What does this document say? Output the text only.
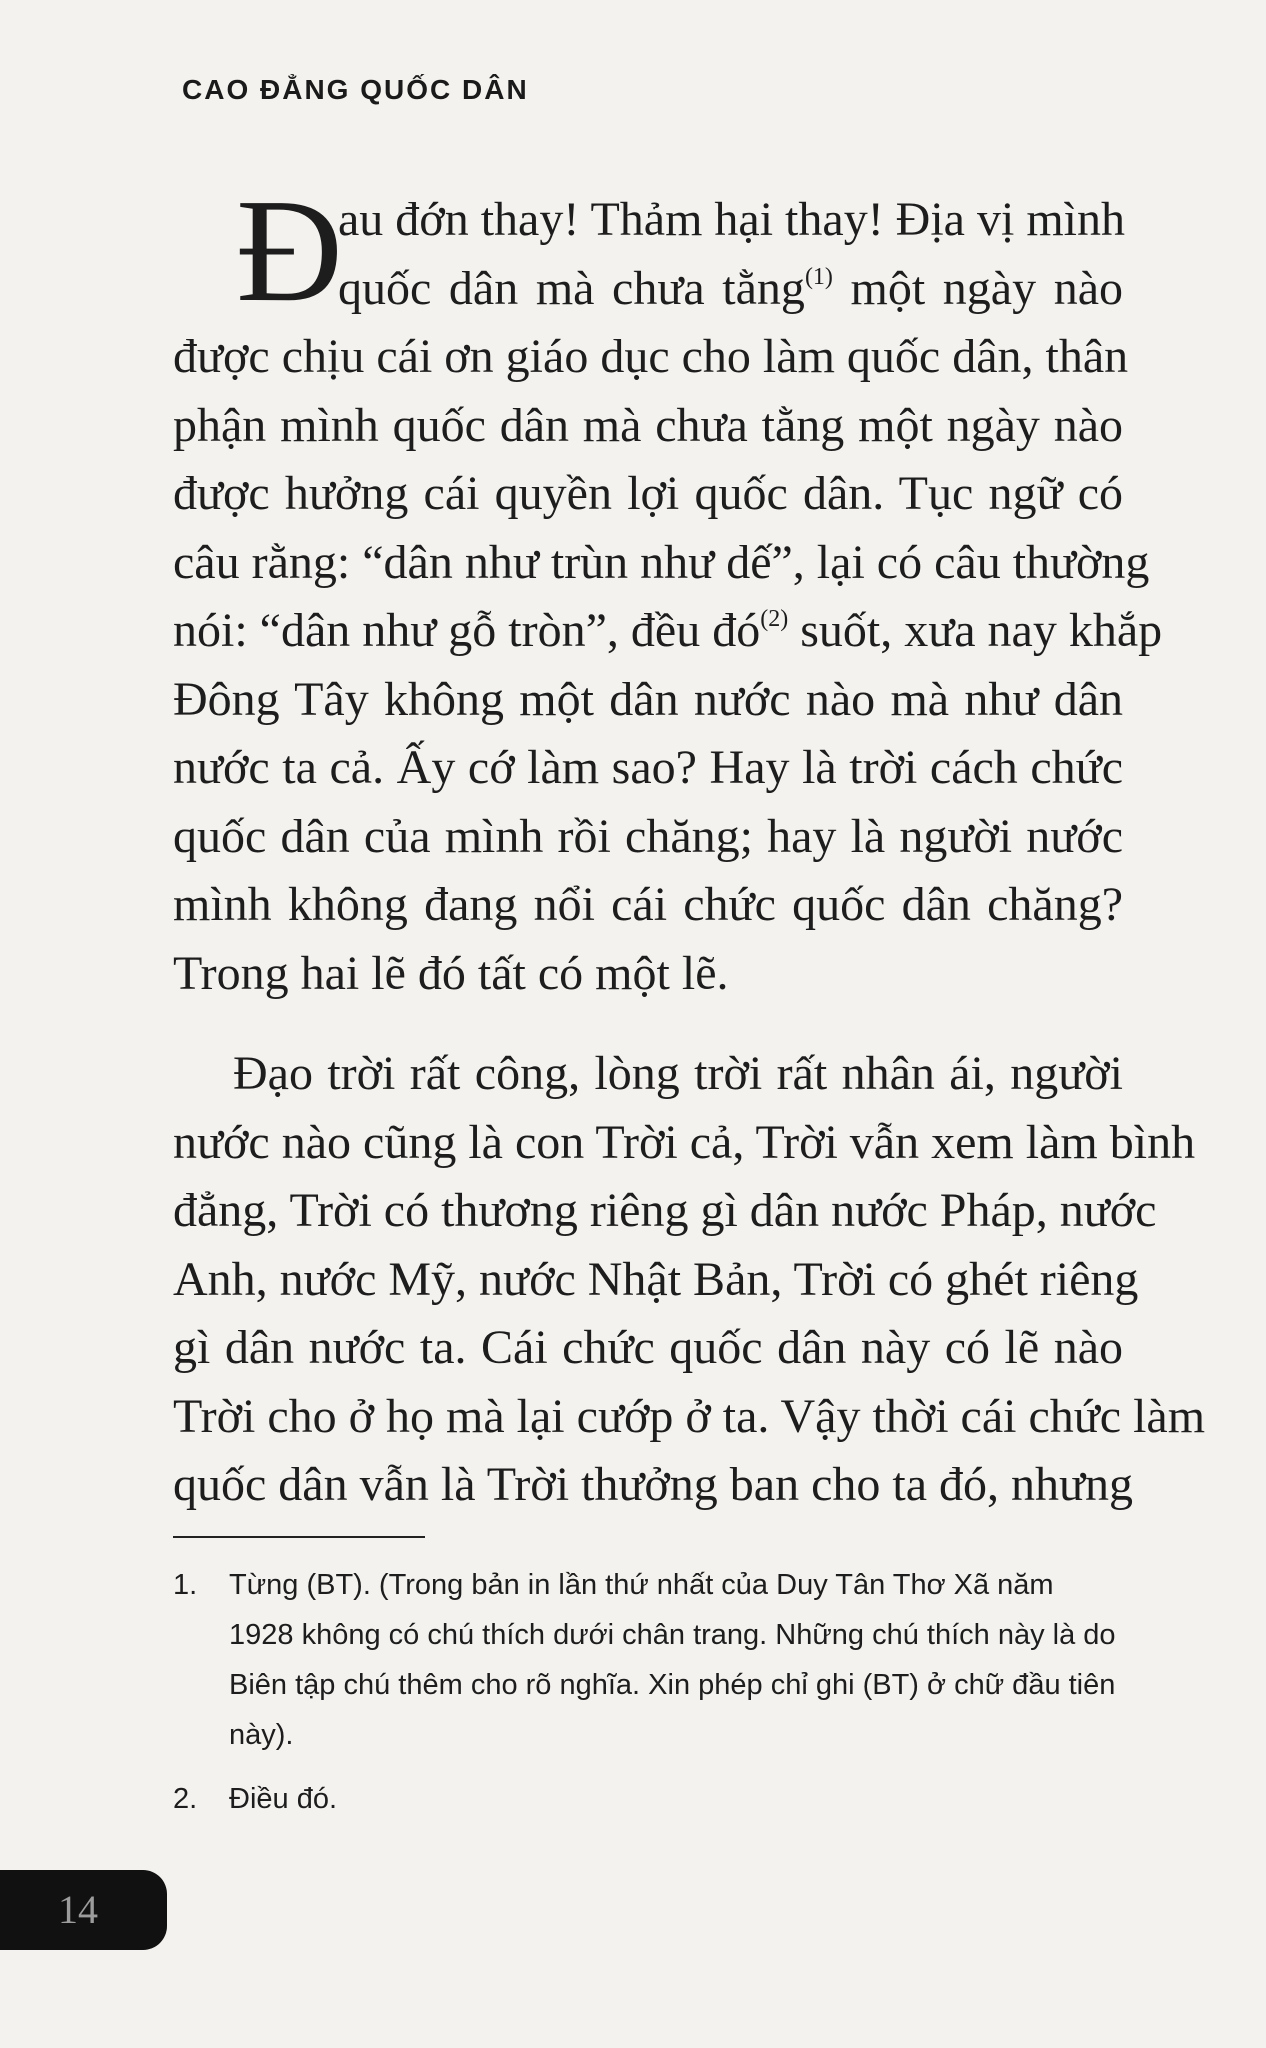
CAO ĐẲNG QUỐC DÂN
Đ
au đớn thay! Thảm hại thay! Địa vị mình
quốc dân mà chưa tằng$^{(1)}$ một ngày nào
được chịu cái ơn giáo dục cho làm quốc dân, thân
phận mình quốc dân mà chưa tằng một ngày nào
được hưởng cái quyền lợi quốc dân. Tục ngữ có
câu rằng: “dân như trùn như dế”, lại có câu thường
nói: “dân như gỗ tròn”, đều $đó^{(2)}$ suốt, xưa nay khắp
Đông Tây không một dân nước nào mà như dân
nước ta cả. Ấy cớ làm sao? Hay là trời cách chức
quốc dân của mình rồi chăng; hay là người nước
mình không đang nổi cái chức quốc dân chăng?
Trong hai lẽ đó tất có một lẽ.
Đạo trời rất công, lòng trời rất nhân ái, người
nước nào cũng là con Trời cả, Trời vẫn xem làm bình
đẳng, Trời có thương riêng gì dân nước Pháp, nước
Anh, nước Mỹ, nước Nhật Bản, Trời có ghét riêng
gì dân nước ta. Cái chức quốc dân này có lẽ nào
Trời cho ở họ mà lại cướp ở ta. Vậy thời cái chức làm
quốc dân vẫn là Trời thưởng ban cho ta đó, nhưng
1.	Từng (BT). (Trong bản in lần thứ nhất của Duy Tân Thơ Xã năm 1928 không có chú thích dưới chân trang. Những chú thích này là do Biên tập chú thêm cho rõ nghĩa. Xin phép chỉ ghi (BT) ở chữ đầu tiên này).
2.	Điều đó.
14
